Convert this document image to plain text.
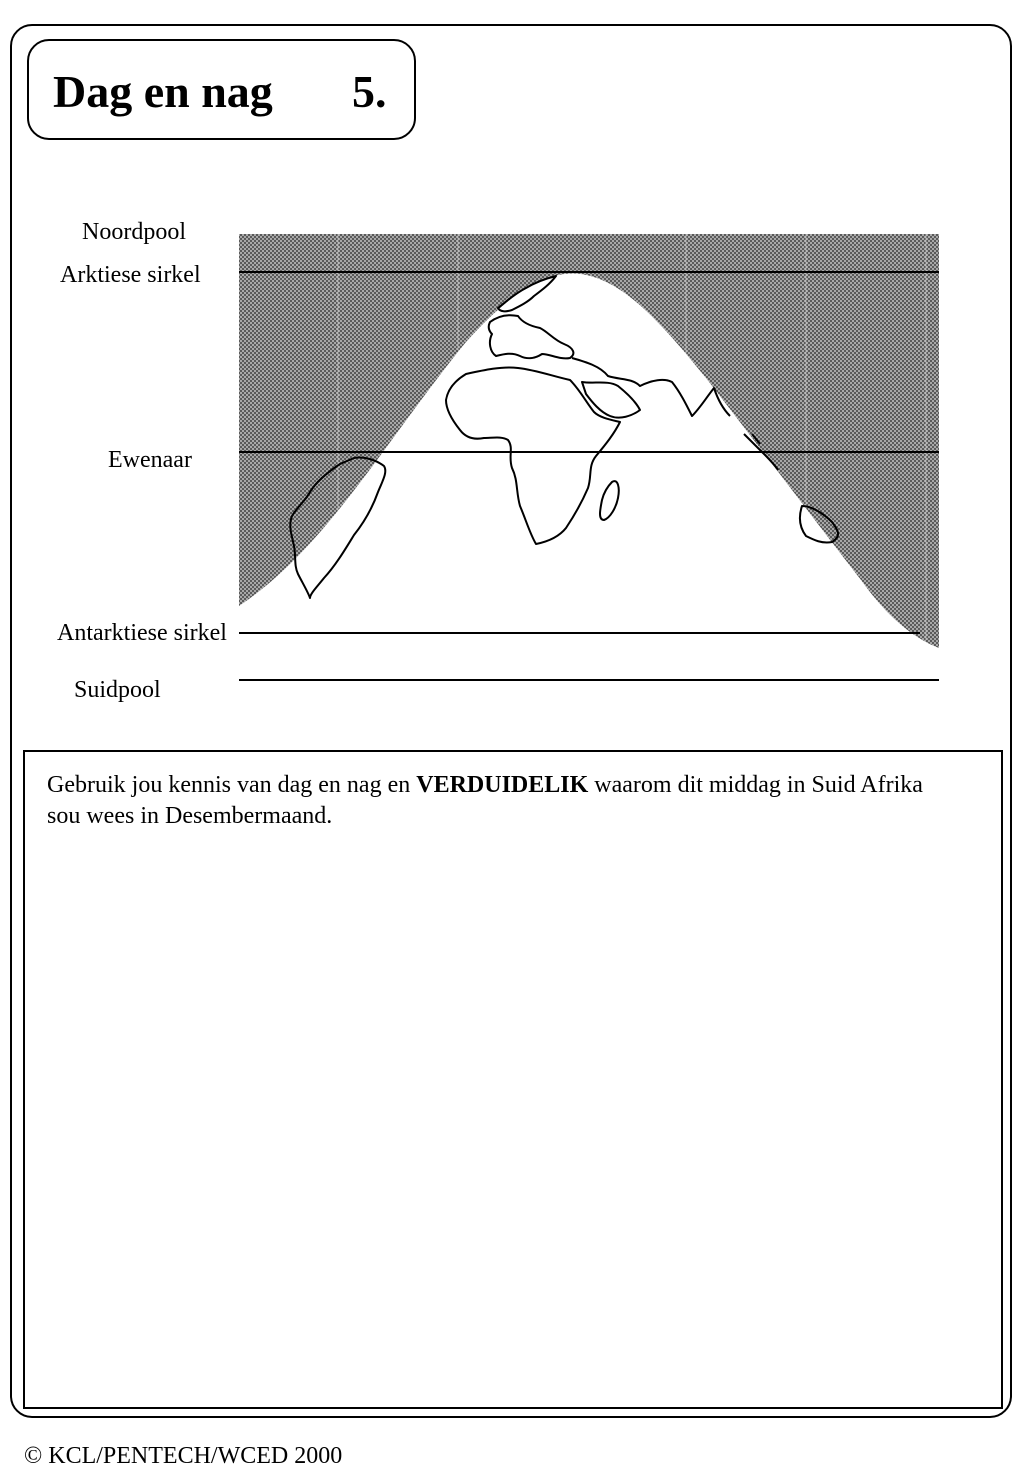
Dag en nag 5.
Noordpool
Arktiese sirkel
Ewenaar
Antarktiese sirkel
Suidpool
Gebruik jou kennis van dag en nag en VERDUIDELIK waarom dit middag in Suid Afrika sou wees in Desembermaand.
© KCL/PENTECH/WCED 2000
